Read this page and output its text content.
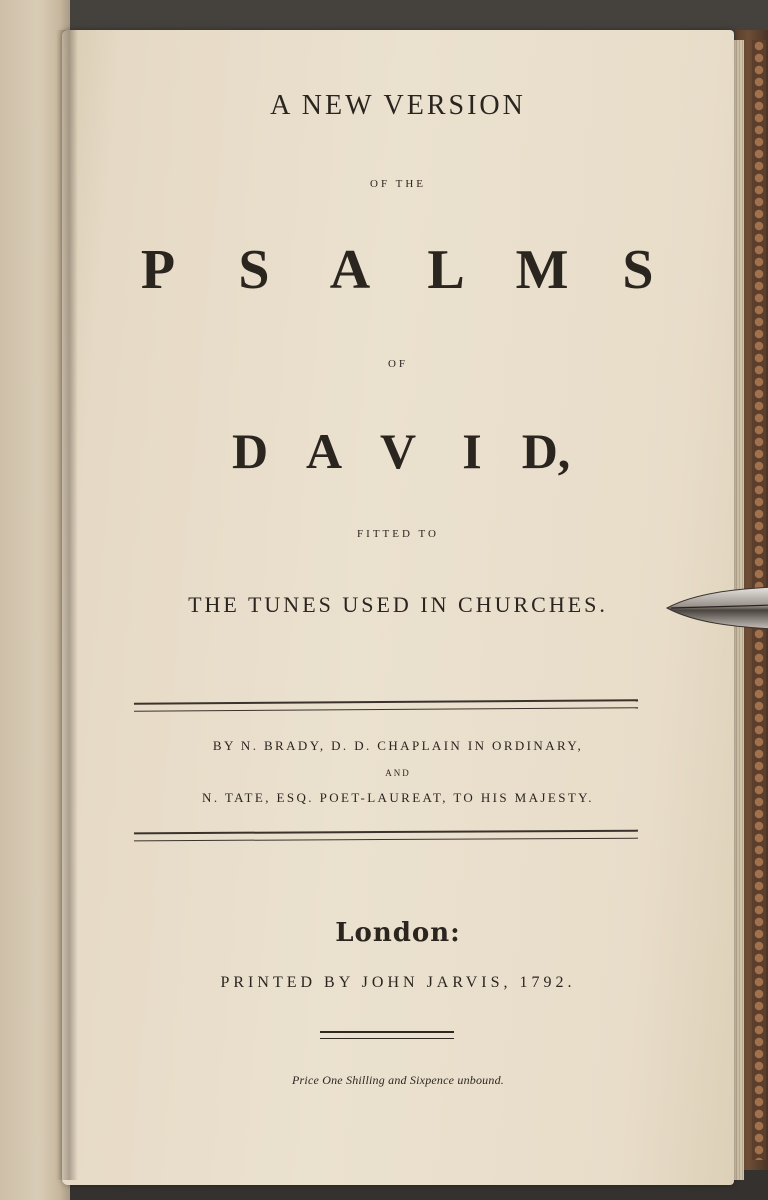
A NEW VERSION
OF THE
P S A L M S
OF
D A V I D,
FITTED TO
THE TUNES USED IN CHURCHES.
BY N. BRADY, D. D. CHAPLAIN IN ORDINARY,
AND
N. TATE, ESQ. POET-LAUREAT, TO HIS MAJESTY.
London:
PRINTED BY JOHN JARVIS, 1792.
Price One Shilling and Sixpence unbound.
